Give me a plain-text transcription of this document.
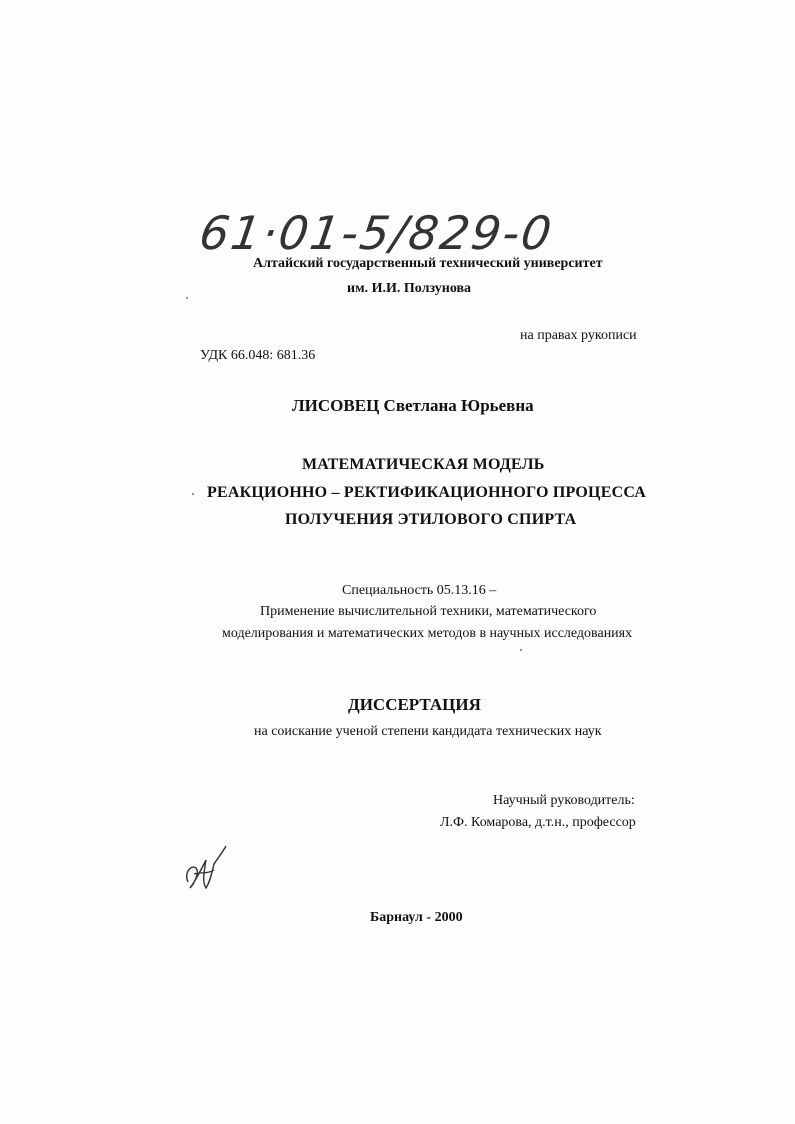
61·01-5/829-0
Алтайский государственный технический университет
им. И.И. Ползунова
на правах рукописи
УДК 66.048: 681.36
ЛИСОВЕЦ Светлана Юрьевна
МАТЕМАТИЧЕСКАЯ МОДЕЛЬ
РЕАКЦИОННО – РЕКТИФИКАЦИОННОГО ПРОЦЕССА
ПОЛУЧЕНИЯ ЭТИЛОВОГО СПИРТА
Специальность 05.13.16 –
Применение вычислительной техники, математического
моделирования и математических методов в научных исследованиях
ДИССЕРТАЦИЯ
на соискание ученой степени кандидата технических наук
Научный руководитель:
Л.Ф. Комарова, д.т.н., профессор
Барнаул - 2000
